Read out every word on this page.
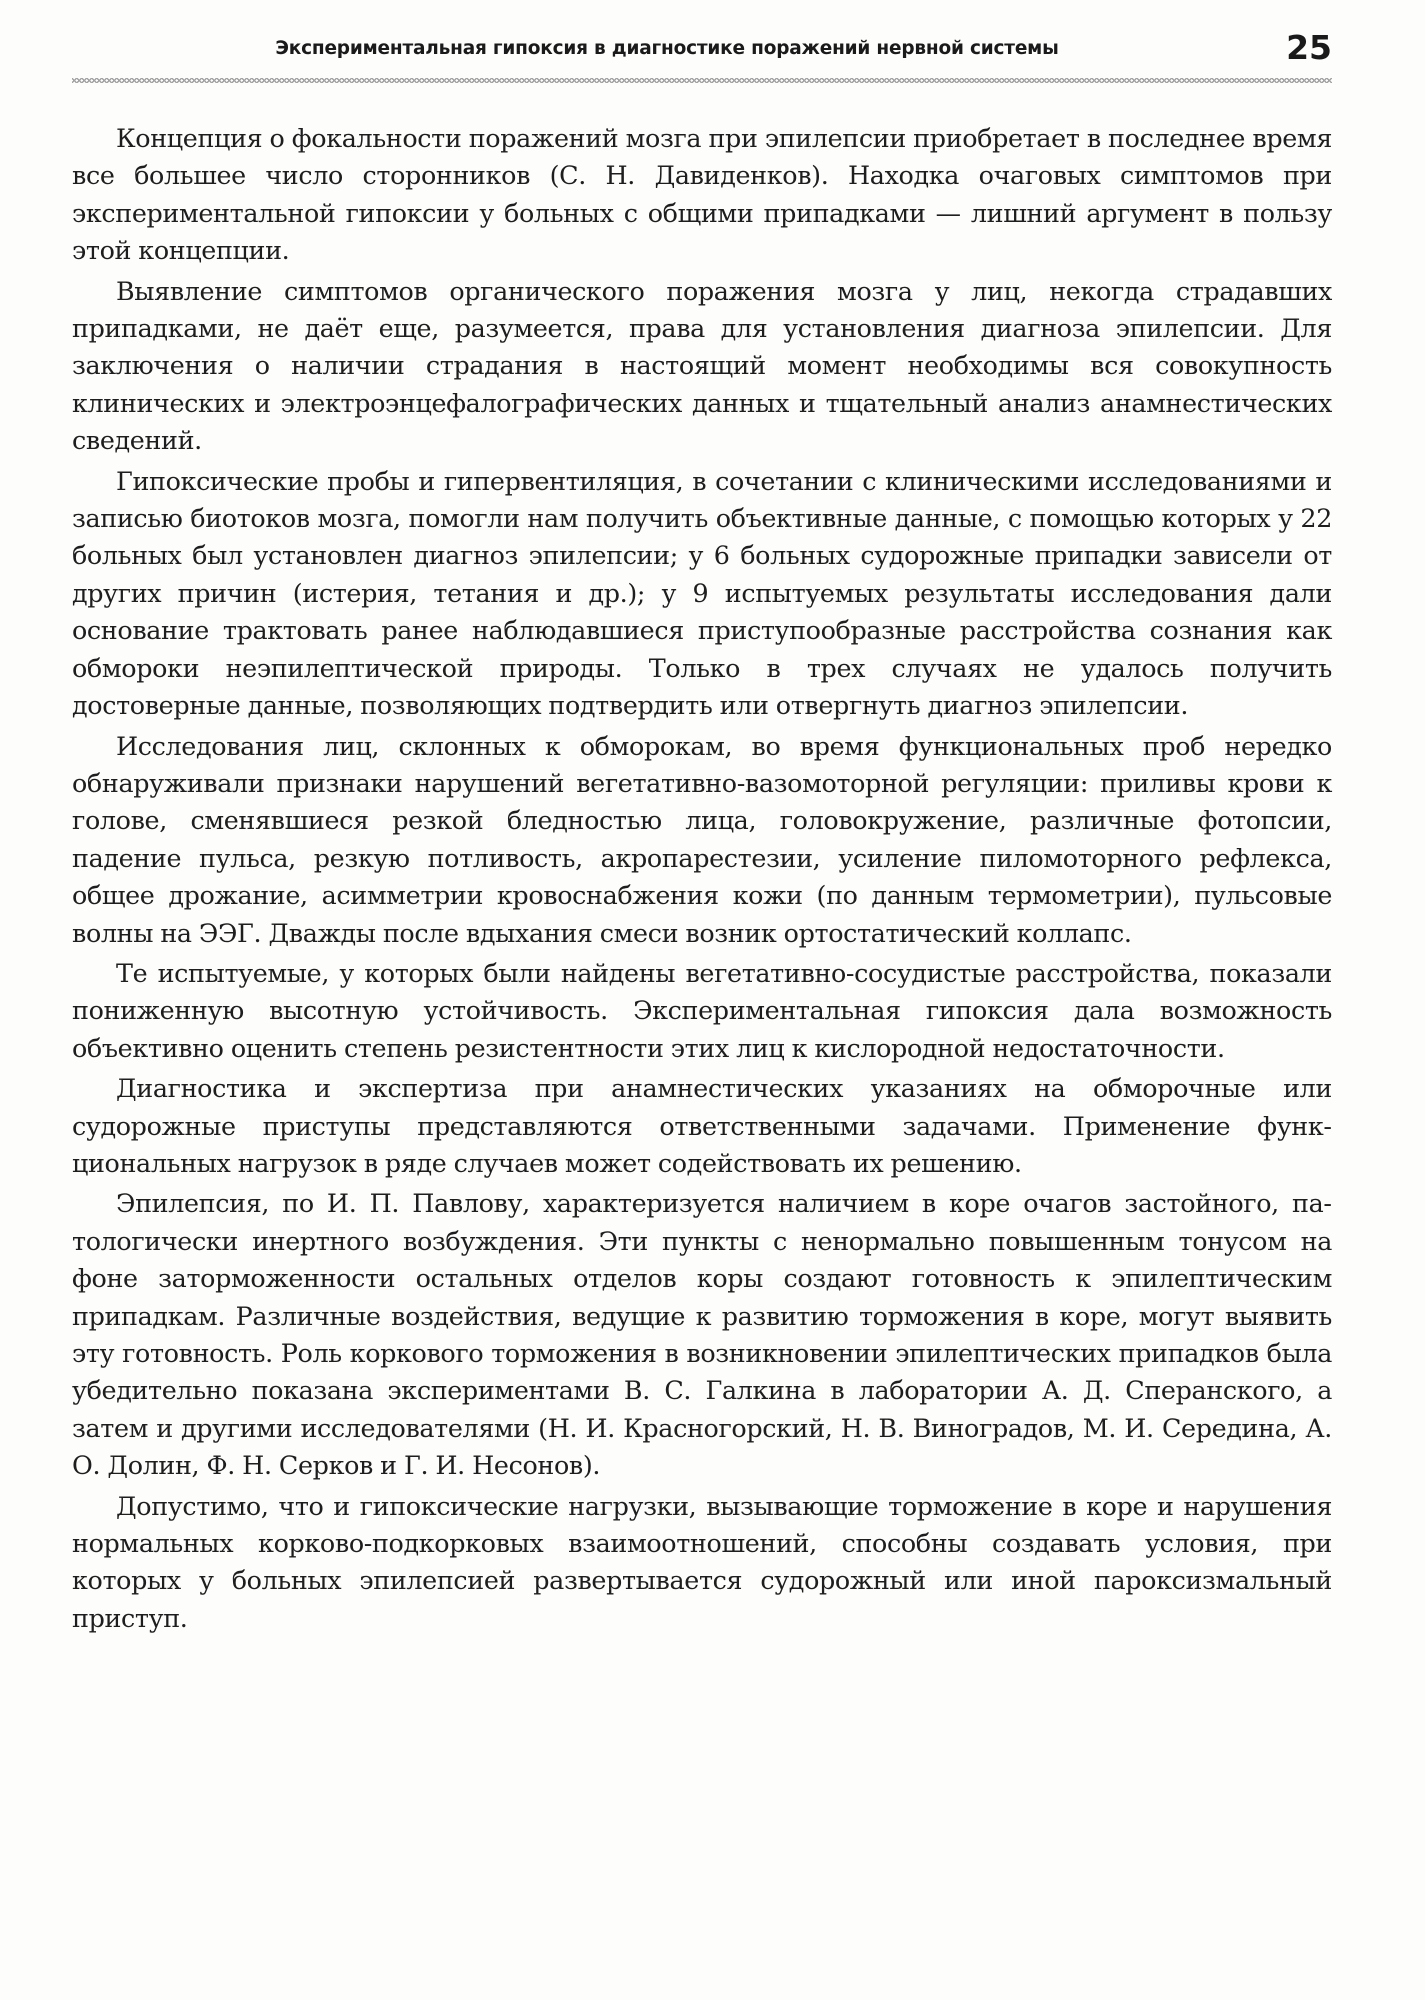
Экспериментальная гипоксия в диагностике поражений нервной системы	25

Концепция о фокальности поражений мозга при эпилепсии приобретает в последнее время все большее число сторонников (С. Н. Давиденков). Находка очаговых симптомов при экспериментальной гипоксии у больных с общими припадками — лишний аргумент в пользу этой концепции.

Выявление симптомов органического поражения мозга у лиц, некогда страдавших припадками, не даёт еще, разумеется, права для установления диагноза эпилепсии. Для заключения о наличии страдания в настоящий момент необходимы вся совокупность клинических и электроэнцефалографических данных и тщательный анализ анамнестических сведений.

Гипоксические пробы и гипервентиляция, в сочетании с клиническими исследованиями и записью биотоков мозга, помогли нам получить объективные данные, с помощью которых у 22 больных был установлен диагноз эпилепсии; у 6 больных судорожные припадки зависели от других причин (истерия, тетания и др.); у 9 испытуемых результаты исследования дали основание трактовать ранее наблюдавшиеся приступообразные расстройства сознания как обмороки неэпилептической природы. Только в трех случаях не удалось получить достоверные данные, позволяющих подтвердить или отвергнуть диагноз эпилепсии.

Исследования лиц, склонных к обморокам, во время функциональных проб нередко обнаруживали признаки нарушений вегетативно-вазомоторной регуляции: приливы крови к голове, сменявшиеся резкой бледностью лица, головокружение, различные фотопсии, падение пульса, резкую потливость, акропарестезии, усиление пиломоторного рефлекса, общее дрожание, асимметрии кровоснабжения кожи (по данным термометрии), пульсовые волны на ЭЭГ. Дважды после вдыхания смеси возник ортостатический коллапс.

Те испытуемые, у которых были найдены вегетативно-сосудистые расстройства, показали пониженную высотную устойчивость. Экспериментальная гипоксия дала возможность объективно оценить степень резистентности этих лиц к кислородной недостаточности.

Диагностика и экспертиза при анамнестических указаниях на обморочные или судорожные приступы представляются ответственными задачами. Применение функциональных нагрузок в ряде случаев может содействовать их решению.

Эпилепсия, по И. П. Павлову, характеризуется наличием в коре очагов застойного, патологически инертного возбуждения. Эти пункты с ненормально повышенным тонусом на фоне заторможенности остальных отделов коры создают готовность к эпилептическим припадкам. Различные воздействия, ведущие к развитию торможения в коре, могут выявить эту готовность. Роль коркового торможения в возникновении эпилептических припадков была убедительно показана экспериментами В. С. Галкина в лаборатории А. Д. Сперанского, а затем и другими исследователями (Н. И. Красногорский, Н. В. Виноградов, М. И. Середина, А. О. Долин, Ф. Н. Серков и Г. И. Несонов).

Допустимо, что и гипоксические нагрузки, вызывающие торможение в коре и нарушения нормальных корково-подкорковых взаимоотношений, способны создавать условия, при которых у больных эпилепсией развертывается судорожный или иной пароксизмальный приступ.
